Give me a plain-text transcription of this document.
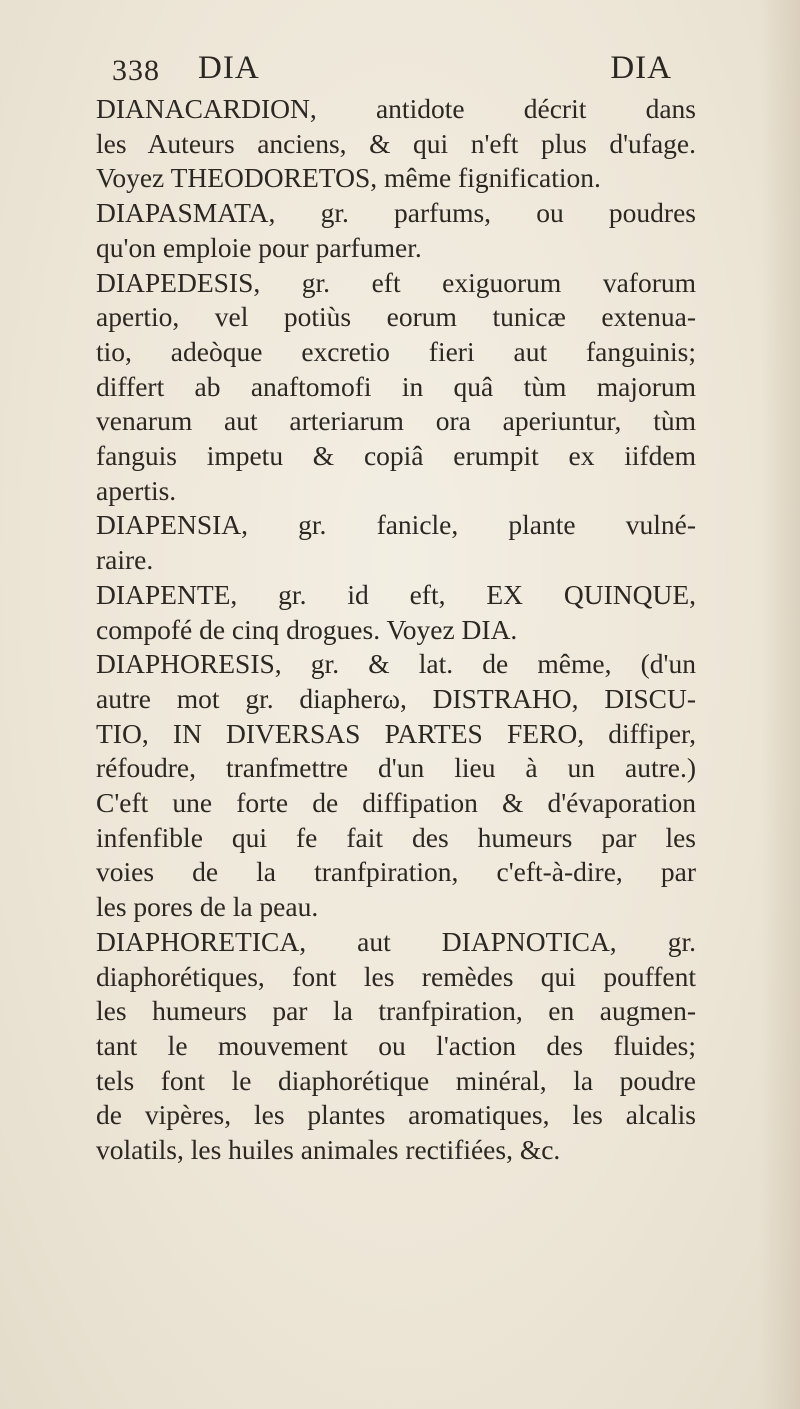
338 DIA	DIA
DIANACARDION, antidote décrit dans
les Auteurs anciens, & qui n'eft plus d'ufage.
Voyez THEODORETOS, même fignification.
DIAPASMATA, gr. parfums, ou poudres
qu'on emploie pour parfumer.
DIAPEDESIS, gr. eft exiguorum vaforum
apertio, vel potiùs eorum tunicæ extenua-
tio, adeòque excretio fieri aut fanguinis;
differt ab anaftomofi in quâ tùm majorum
venarum aut arteriarum ora aperiuntur, tùm
fanguis impetu & copiâ erumpit ex iifdem
apertis.
DIAPENSIA, gr. fanicle, plante vulné-
raire.
DIAPENTE, gr. id eft, EX QUINQUE,
compofé de cinq drogues. Voyez DIA.
DIAPHORESIS, gr. & lat. de même, (d'un
autre mot gr. diapherω, DISTRAHO, DISCU-
TIO, IN DIVERSAS PARTES FERO, diffiper,
réfoudre, tranfmettre d'un lieu à un autre.)
C'eft une forte de diffipation & d'évaporation
infenfible qui fe fait des humeurs par les
voies de la tranfpiration, c'eft-à-dire, par
les pores de la peau.
DIAPHORETICA, aut DIAPNOTICA, gr.
diaphorétiques, font les remèdes qui pouffent
les humeurs par la tranfpiration, en augmen-
tant le mouvement ou l'action des fluides;
tels font le diaphorétique minéral, la poudre
de vipères, les plantes aromatiques, les alcalis
volatils, les huiles animales rectifiées, &c.
